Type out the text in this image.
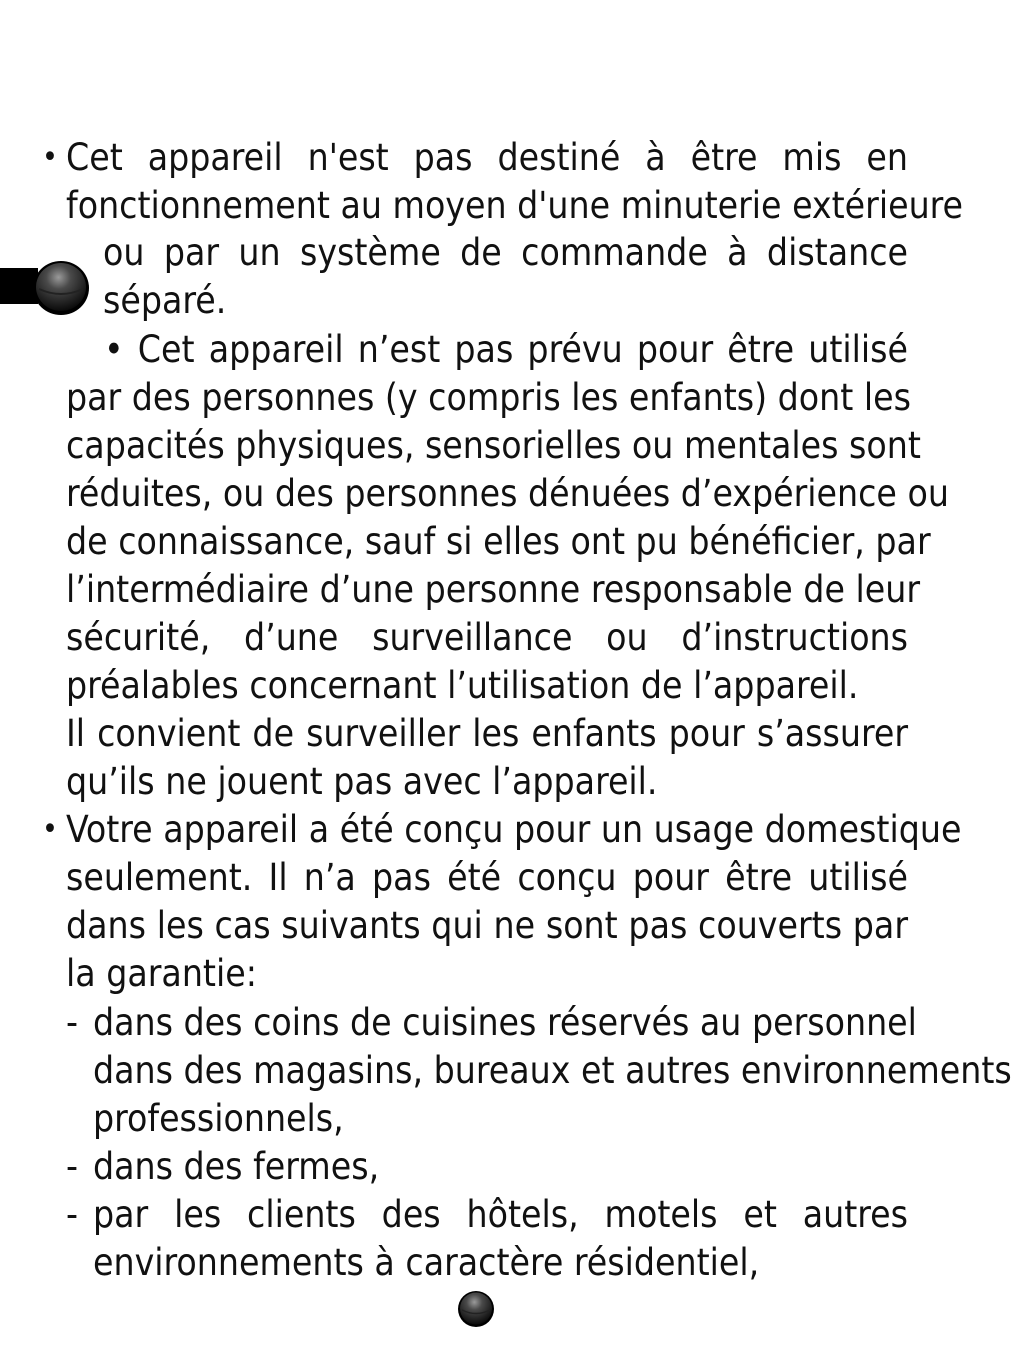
• Cet appareil n'est pas destiné à être mis en
fonctionnement au moyen d'une minuterie extérieure
ou par un système de commande à distance
séparé.
• Cet appareil n’est pas prévu pour être utilisé
par des personnes (y compris les enfants) dont les
capacités physiques, sensorielles ou mentales sont
réduites, ou des personnes dénuées d’expérience ou
de connaissance, sauf si elles ont pu bénéficier, par
l’intermédiaire d’une personne responsable de leur
sécurité, d’une surveillance ou d’instructions
préalables concernant l’utilisation de l’appareil.
Il convient de surveiller les enfants pour s’assurer
qu’ils ne jouent pas avec l’appareil.
• Votre appareil a été conçu pour un usage domestique
seulement. Il n’a pas été conçu pour être utilisé
dans les cas suivants qui ne sont pas couverts par
la garantie:
- dans des coins de cuisines réservés au personnel
dans des magasins, bureaux et autres environnements
professionnels,
- dans des fermes,
- par les clients des hôtels, motels et autres
environnements à caractère résidentiel,
